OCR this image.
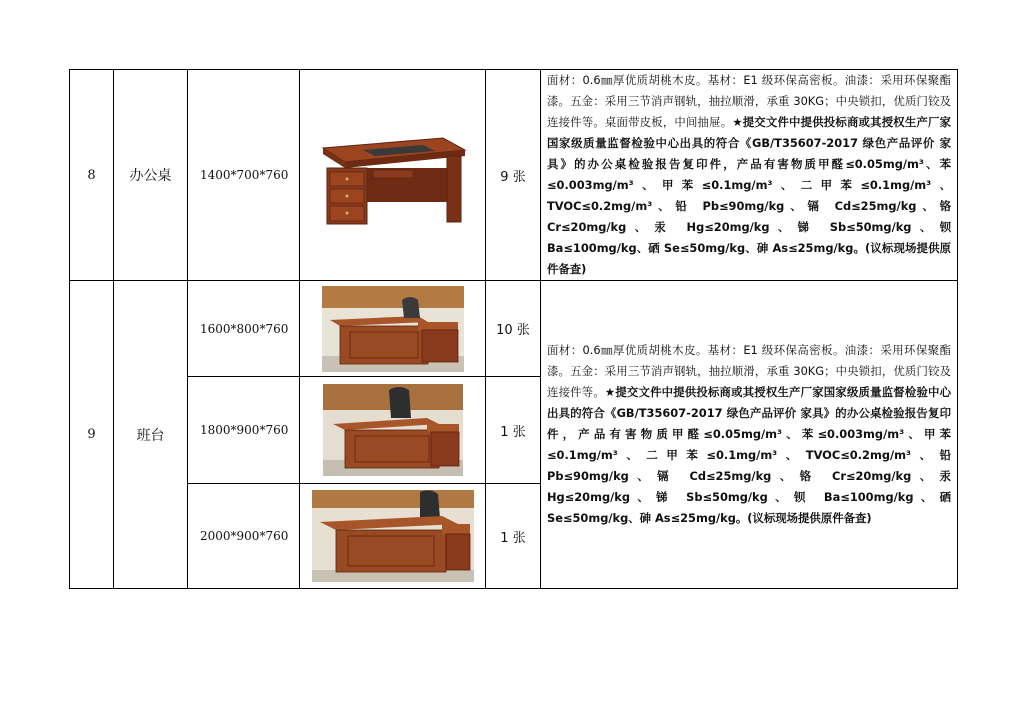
8	办公桌	1400*700*760		9 张	面材：0.6㎜厚优质胡桃木皮。基材：E1 级环保高密板。油漆：采用环保聚酯漆。五金：采用三节消声钢轨，抽拉顺滑，承重 30KG；中央锁扣，优质门铰及连接件等。桌面带皮板，中间抽屉。★提交文件中提供投标商或其授权生产厂家国家级质量监督检验中心出具的符合《GB/T35607-2017 绿色产品评价 家具》的办公桌检验报告复印件，产品有害物质甲醛≤0.05mg/m³、苯≤0.003mg/m³、甲苯≤0.1mg/m³、二甲苯≤0.1mg/m³、TVOC≤0.2mg/m³、铅 Pb≤90mg/kg、镉 Cd≤25mg/kg、铬 Cr≤20mg/kg、汞 Hg≤20mg/kg、锑 Sb≤50mg/kg、钡 Ba≤100mg/kg、硒 Se≤50mg/kg、砷 As≤25mg/kg。(议标现场提供原件备查)
9	班台	1600*800*760		10 张	面材：0.6㎜厚优质胡桃木皮。基材：E1 级环保高密板。油漆：采用环保聚酯漆。五金：采用三节消声钢轨，抽拉顺滑，承重 30KG；中央锁扣，优质门铰及连接件等。★提交文件中提供投标商或其授权生产厂家国家级质量监督检验中心出具的符合《GB/T35607-2017 绿色产品评价 家具》的办公桌检验报告复印件，产品有害物质甲醛≤0.05mg/m³、苯≤0.003mg/m³、甲苯≤0.1mg/m³、二甲苯≤0.1mg/m³、TVOC≤0.2mg/m³、铅 Pb≤90mg/kg、镉 Cd≤25mg/kg、铬 Cr≤20mg/kg、汞 Hg≤20mg/kg、锑 Sb≤50mg/kg、钡 Ba≤100mg/kg、硒 Se≤50mg/kg、砷 As≤25mg/kg。(议标现场提供原件备查)
		1800*900*760		1 张	
		2000*900*760		1 张	
